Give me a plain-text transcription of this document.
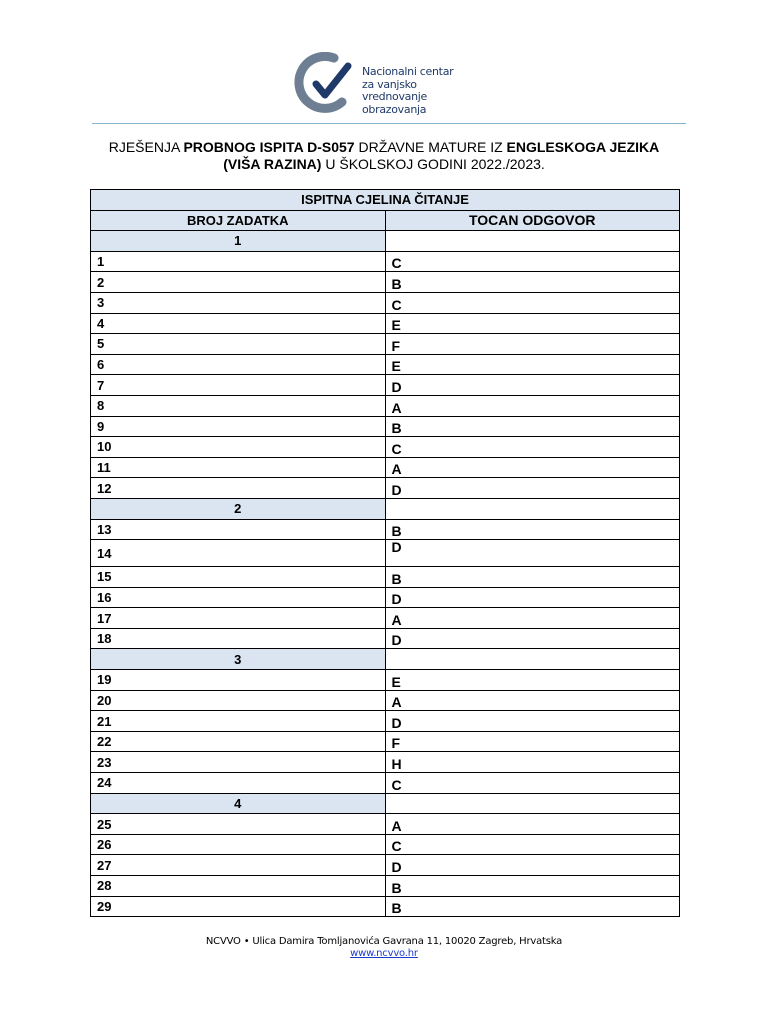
Nacionalni centar
za vanjsko vrednovanje
obrazovanja
RJEŠENJA PROBNOG ISPITA D-S057 DRŽAVNE MATURE IZ ENGLESKOGA JEZIKA
(VIŠA RAZINA) U ŠKOLSKOJ GODINI 2022./2023.
ISPITNA CJELINA ČITANJE	
BROJ ZADATKA	TOCAN ODGOVOR
1	
1	C
2	B
3	C
4	E
5	F
6	E
7	D
8	A
9	B
10	C
11	A
12	D
2	
13	B
14	D
15	B
16	D
17	A
18	D
3	
19	E
20	A
21	D
22	F
23	H
24	C
4	
25	A
26	C
27	D
28	B
29	B
NCVVO • Ulica Damira Tomljanovića Gavrana 11, 10020 Zagreb, Hrvatska
www.ncvvo.hr
